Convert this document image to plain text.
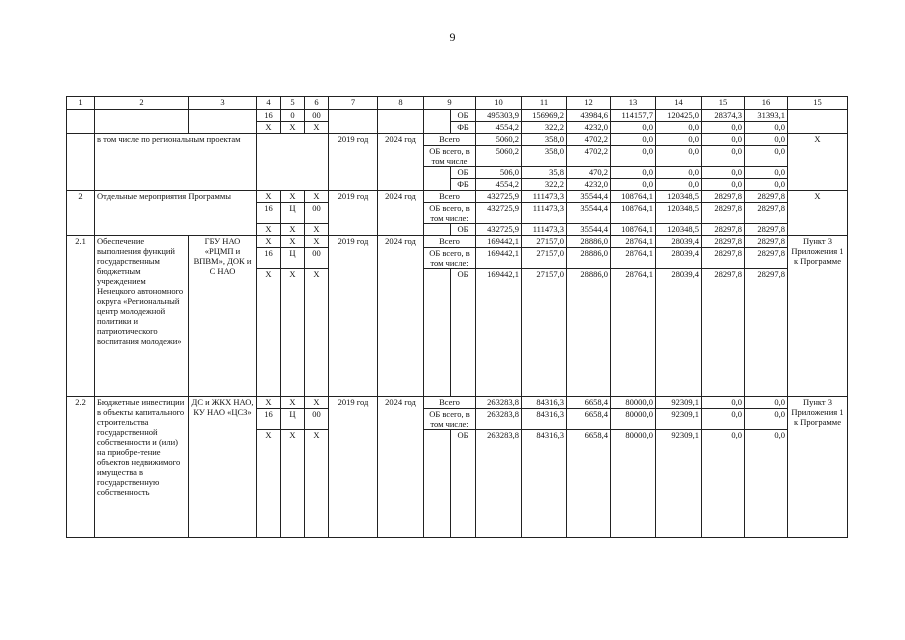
9
1	2	3	4	5	6	7	8	9		10	11	12	13	14	15	16	15
			16	0	00				ОБ	495303,9	156969,2	43984,6	114157,7	120425,0	28374,3	31393,1	
			Х	Х	Х				ФБ	4554,2	322,2	4232,0	0,0	0,0	0,0	0,0	
	в том числе по региональным проектам					2019 год	2024 год	Всего		5060,2	358,0	4702,2	0,0	0,0	0,0	0,0	Х
								ОБ всего, в том числе		5060,2	358,0	4702,2	0,0	0,0	0,0	0,0	
									ОБ	506,0	35,8	470,2	0,0	0,0	0,0	0,0	
									ФБ	4554,2	322,2	4232,0	0,0	0,0	0,0	0,0	
2	Отдельные мероприятия Программы		Х	Х	Х	2019 год	2024 год	Всего		432725,9	111473,3	35544,4	108764,1	120348,5	28297,8	28297,8	Х
			16	Ц	00			ОБ всего, в том числе:		432725,9	111473,3	35544,4	108764,1	120348,5	28297,8	28297,8	
			Х	Х	Х				ОБ	432725,9	111473,3	35544,4	108764,1	120348,5	28297,8	28297,8	
2.1	Обеспечение выполнения функций государственным бюджетным учреждением Ненецкого автономного округа «Региональный центр молодежной политики и патриотического воспитания молодежи»	ГБУ НАО «РЦМП и ВПВМ», ДОК и С НАО	Х	Х	Х	2019 год	2024 год	Всего		169442,1	27157,0	28886,0	28764,1	28039,4	28297,8	28297,8	Пункт 3 Приложения 1 к Программе
			16	Ц	00			ОБ всего, в том числе:		169442,1	27157,0	28886,0	28764,1	28039,4	28297,8	28297,8	
			Х	Х	Х				ОБ	169442,1	27157,0	28886,0	28764,1	28039,4	28297,8	28297,8	
2.2	Бюджетные инвестиции в объекты капитального строительства государственной собственности и (или) на приобре-тение объектов недвижимого имущества в государственную собственность	ДС и ЖКХ НАО, КУ НАО «ЦСЗ»	Х	Х	Х	2019 год	2024 год	Всего		263283,8	84316,3	6658,4	80000,0	92309,1	0,0	0,0	Пункт 3 Приложения 1 к Программе
			16	Ц	00			ОБ всего, в том числе:		263283,8	84316,3	6658,4	80000,0	92309,1	0,0	0,0	
			Х	Х	Х				ОБ	263283,8	84316,3	6658,4	80000,0	92309,1	0,0	0,0	
